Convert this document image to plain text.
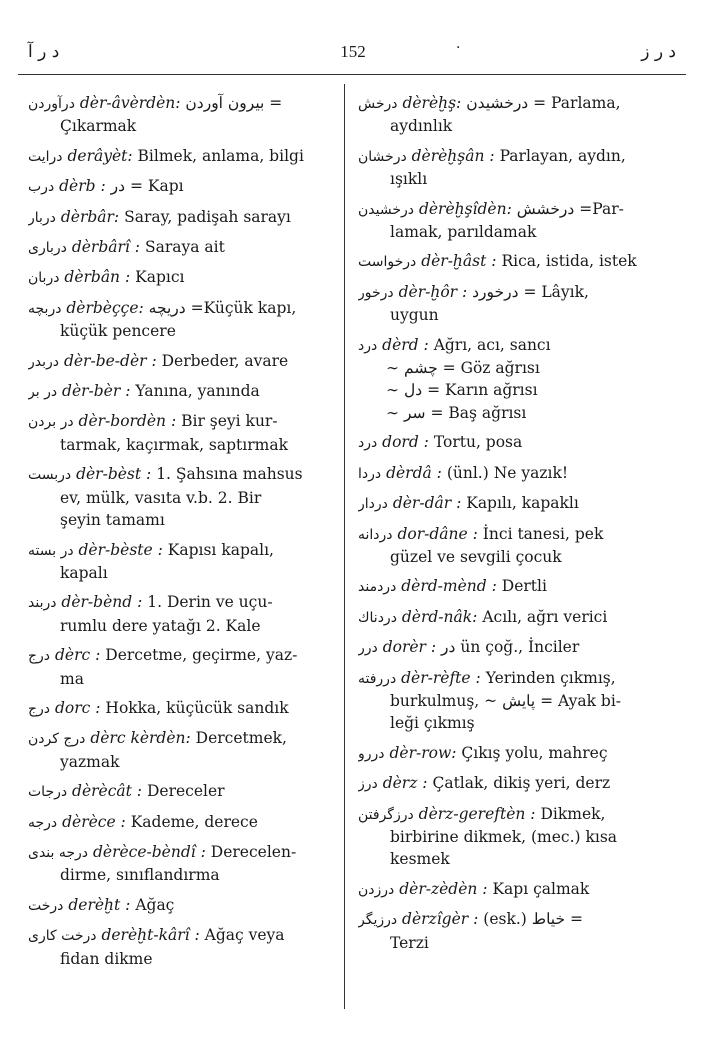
د ر آ	152	·	د ر ز
درآوردن dèr-âvèrdèn: بيرون آوردن =
Çıkarmak
درايت derâyèt: Bilmek, anlama, bilgi
درب dèrb : در = Kapı
دربار dèrbâr: Saray, padişah sarayı
درباری dèrbârî : Saraya ait
دربان dèrbân : Kapıcı
دربچه dèrbèççe: دريچه =Küçük kapı,
küçük pencere
دربدر dèr-be-dèr : Derbeder, avare
در بر dèr-bèr : Yanına, yanında
در بردن dèr-bordèn : Bir şeyi kur-
tarmak, kaçırmak, saptırmak
دربست dèr-bèst : 1. Şahsına mahsus
ev, mülk, vasıta v.b. 2. Bir
şeyin tamamı
در بسته dèr-bèste : Kapısı kapalı,
kapalı
دربند dèr-bènd : 1. Derin ve uçu-
rumlu dere yatağı 2. Kale
درج dèrc : Dercetme, geçirme, yaz-
ma
درج dorc : Hokka, küçücük sandık
درج كردن dèrc kèrdèn: Dercetmek,
yazmak
درجات dèrècât : Dereceler
درجه dèrèce : Kademe, derece
درجه بندی dèrèce-bèndî : Derecelen-
dirme, sınıflandırma
درخت derèḫt : Ağaç
درخت كاری derèḫt-kârî : Ağaç veya
fidan dikme
درخش dèrèḫş: درخشيدن = Parlama,
aydınlık
درخشان dèrèḫşân : Parlayan, aydın,
ışıklı
درخشيدن dèrèḫşîdèn: درخشش =Par-
lamak, parıldamak
درخواست dèr-ḫâst : Rica, istida, istek
درخور dèr-ḫôr : درخورد = Lâyık,
uygun
درد dèrd : Ağrı, acı, sancı
∼ چشم = Göz ağrısı
∼ دل = Karın ağrısı
∼ سر = Baş ağrısı
درد dord : Tortu, posa
دردا dèrdâ : (ünl.) Ne yazık!
دردار dèr-dâr : Kapılı, kapaklı
دردانه dor-dâne : İnci tanesi, pek
güzel ve sevgili çocuk
دردمند dèrd-mènd : Dertli
دردناك dèrd-nâk: Acılı, ağrı verici
درر dorèr : در ün çoğ., İnciler
دررفته dèr-rèfte : Yerinden çıkmış,
burkulmuş, ~ پايش = Ayak bi-
leği çıkmış
دررو dèr-row: Çıkış yolu, mahreç
درز dèrz : Çatlak, dikiş yeri, derz
درزگرفتن dèrz-gereftèn : Dikmek,
birbirine dikmek, (mec.) kısa
kesmek
درزدن dèr-zèdèn : Kapı çalmak
درزيگر dèrzîgèr : (esk.) خياط =
Terzi
